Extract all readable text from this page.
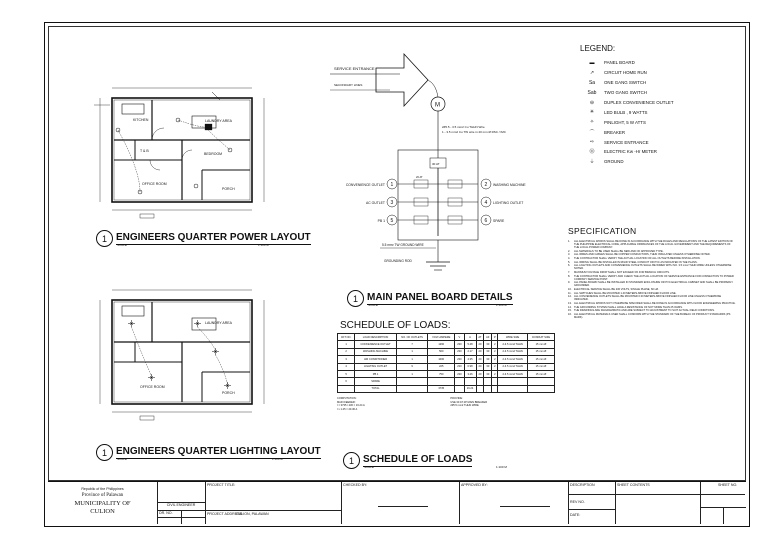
KITCHEN	LAUNDRY AREA
T & B
BEDROOM
OFFICE ROOM
PORCH
LAUNDRY AREA
OFFICE ROOM
PORCH
SERVICE ENTRANCE
SECONDARY LINES
M
2#5.5 - 3.5 mm2 Cu THHN Wire
1 - 3.5 mm2 Cu TW wire in 20 mm Ø RSC / IMC
30 AT
1
3
5
2
4
6
CONVENIENCE OUTLET
AC OUTLET
PB 1
WASHING MACHINE
LIGHTING OUTLET
SPARE
20 AT
5.5 mm² TW GROUND WIRE
GROUNDING ROD
1 ENGINEERS QUARTER POWER LAYOUT
SCALE	1:100 M
1 ENGINEERS QUARTER LIGHTING LAYOUT
SCALE	1:100 M
1 MAIN PANEL BOARD DETAILS
SCALE	1:100 M
SCHEDULE OF LOADS:
CKT NO.	LOAD DESCRIPTION	NO. OF OUTLETS	VOLT-AMPERE	V	A	AT	AF	P	WIRE SIZE	CONDUIT SIZE
1	CONVENIENCE OUTLET	7	1260	230	5.48	20	30	2	2-3.5 mm2 THHN	15 mm Ø
2	WASHING MACHINE	1	500	230	2.17	20	30	2	2-3.5 mm2 THHN	15 mm Ø
3	AIR CONDITIONER	1	1000	230	4.35	20	30	2	2-3.5 mm2 THHN	15 mm Ø
4	LIGHTING OUTLET	9	225	230	0.98	20	30	2	2-3.5 mm2 THHN	15 mm Ø
5	PB 1	1	750	230	3.26	20	30	2	2-3.5 mm2 THHN	15 mm Ø
6	SPARE									
	TOTAL		3735		16.24					
COMPUTATION:
MAIN FEEDER:
I = 3735 / 230 = 16.24 A
I x 1.25 = 20.30 A
PROVIDE:
USE 30 AT 2P MAIN BREAKER
2#5.5 mm2 THHN WIRE
1 SCHEDULE OF LOADS
SCALE	1:100 M
LEGEND:
▬	PANEL BOARD
↗	CIRCUIT HOME RUN
Sa	ONE GANG SWITCH
Sab	TWO GANG SWITCH
⊖	DUPLEX CONVENIENCE OUTLET
✳	LED BULB , 9 WATTS
✧	PINLIGHT, 5 W ATTS
⌒	BREAKER
⇨	SERVICE ENTRANCE
Ⓜ	ELECTRIC Kw -Hr METER
⏚	GROUND
SPECIFICATION
1.	ALL ELECTRICAL WORKS SHALL BE DONE IN ACCORDANCE WITH THE RULES AND REGULATIONS OF THE LATEST EDITION OF THE PHILIPPINE ELECTRICAL CODE, APPLICABLE ORDINANCES OF THE LOCAL GOVERNMENT AND THE REQUIREMENTS OF THE LOCAL POWER COMPANY.
2.	ALL MATERIALS TO BE USED SHALL BE NEW AND OF APPROVED TYPE.
3.	ALL WIRES AND CABLES SHALL BE COPPER CONDUCTORS, THHN INSULATED UNLESS OTHERWISE NOTED.
4.	THE CONTRACTOR SHALL VERIFY THE ACTUAL LOCATION OF ALL OUTLETS BEFORE INSTALLATION.
5.	ALL WIRING SHALL BE INSTALLED IN RIGID STEEL CONDUIT OR PVC AS INDICATED IN THE PLANS.
6.	ALL LIGHTING OUTLETS AND CONVENIENCE OUTLETS SHALL BE WIRED WITH NO. 3.5 mm2 THHN WIRE UNLESS OTHERWISE NOTED.
7.	MAXIMUM VOLTAGE DROP SHALL NOT EXCEED 3% FOR BRANCH CIRCUITS.
8.	THE CONTRACTOR SHALL VERIFY AND CHECK THE ACTUAL LOCATION OF SERVICE ENTRANCE FOR CONNECTION TO POWER COMPANY SERVICE POINT.
9.	ALL PANEL BOARD SHALL BE INSTALLED IN STANDARD ENCLOSURE OR PVC ELECTRICAL CABINET AND SHALL BE PROPERLY GROUNDED.
10. ELECTRICAL SERVICE SHALL BE 230 VOLTS, SINGLE PHASE, 60 HZ.
11. ALL SWITCHES SHALL BE MOUNTED 1.40 METERS ABOVE FINISHED FLOOR LINE.
12. ALL CONVENIENCE OUTLETS SHALL BE MOUNTED 0.30 METERS ABOVE FINISHED FLOOR LINE UNLESS OTHERWISE INDICATED.
13. ALL ELECTRICAL WORKS NOT OTHERWISE SPECIFIED SHALL BE DONE IN ACCORDANCE WITH GOOD ENGINEERING PRACTICE.
14. THE GROUNDING SYSTEM SHALL HAVE A RESISTANCE OF NOT MORE THAN 25 OHMS.
15. THE DRAWINGS ARE DIAGRAMMATIC AND ARE SUBJECT TO ADJUSTMENT TO SUIT ACTUAL FIELD CONDITIONS.
16. ALL ELECTRICAL MATERIALS USED SHALL CONFORM WITH THE STANDARD OF THE BUREAU OF PRODUCT STANDARDS (PS MARK).
Republic of the Philippines
Province of Palawan
MUNICIPALITY OF
CULION
CIVIL ENGINEER
DR. NO.
PROJECT TITLE:
PROJECT ADDRESS:
CULION, PALAWAN
CHECKED BY:	APPROVED BY:	DESCRIPTION
REV NO.
DATE:
SHEET CONTENTS	SHEET NO.
